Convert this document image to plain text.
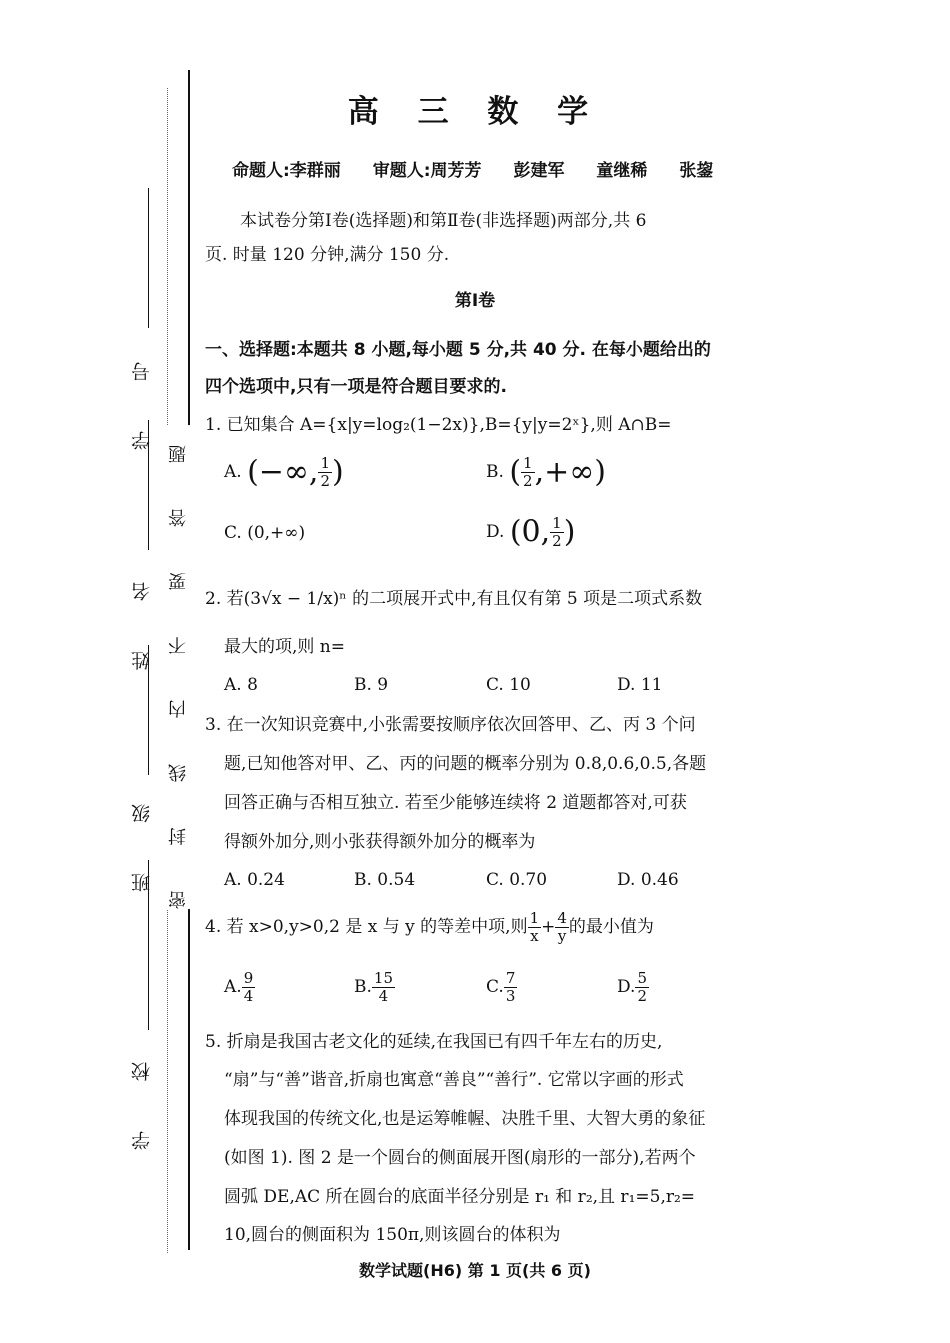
学 号
姓 名
班 级
学 校
密 封 线 内 不 要 答 题
高 三 数 学
命题人:李群丽 审题人:周芳芳 彭建军 童继稀 张鋆
本试卷分第Ⅰ卷(选择题)和第Ⅱ卷(非选择题)两部分,共 6
页. 时量 120 分钟,满分 150 分.
第Ⅰ卷
一、选择题:本题共 8 小题,每小题 5 分,共 40 分. 在每小题给出的
四个选项中,只有一项是符合题目要求的.
1. 已知集合 A={x|y=log₂(1−2x)},B={y|y=2ˣ},则 A∩B=
A. (−∞, $\frac{1}{2}$ )	B. ( $\frac{1}{2}$ ,+∞)
C. (0,+∞)	D. (0, $\frac{1}{2}$ )
2. 若(3√x − 1/x)ⁿ 的二项展开式中,有且仅有第 5 项是二项式系数
最大的项,则 n=
A. 8	B. 9	C. 10	D. 11
3. 在一次知识竞赛中,小张需要按顺序依次回答甲、乙、丙 3 个问
题,已知他答对甲、乙、丙的问题的概率分别为 0.8,0.6,0.5,各题
回答正确与否相互独立. 若至少能够连续将 2 道题都答对,可获
得额外加分,则小张获得额外加分的概率为
A. 0.24	B. 0.54	C. 0.70	D. 0.46
4. 若 x>0,y>0,2 是 x 与 y 的等差中项,则 $\frac{1}{x} + \frac{4}{y}$ 的最小值为
A. $\frac{9}{4}$	B. $\frac{15}{4}$	C. $\frac{7}{3}$	D. $\frac{5}{2}$
5. 折扇是我国古老文化的延续,在我国已有四千年左右的历史,
“扇”与“善”谐音,折扇也寓意“善良”“善行”. 它常以字画的形式
体现我国的传统文化,也是运筹帷幄、决胜千里、大智大勇的象征
(如图 1). 图 2 是一个圆台的侧面展开图(扇形的一部分),若两个
圆弧 DE,AC 所在圆台的底面半径分别是 r₁ 和 r₂,且 r₁=5,r₂=
10,圆台的侧面积为 150π,则该圆台的体积为
数学试题(H6) 第 1 页(共 6 页)
